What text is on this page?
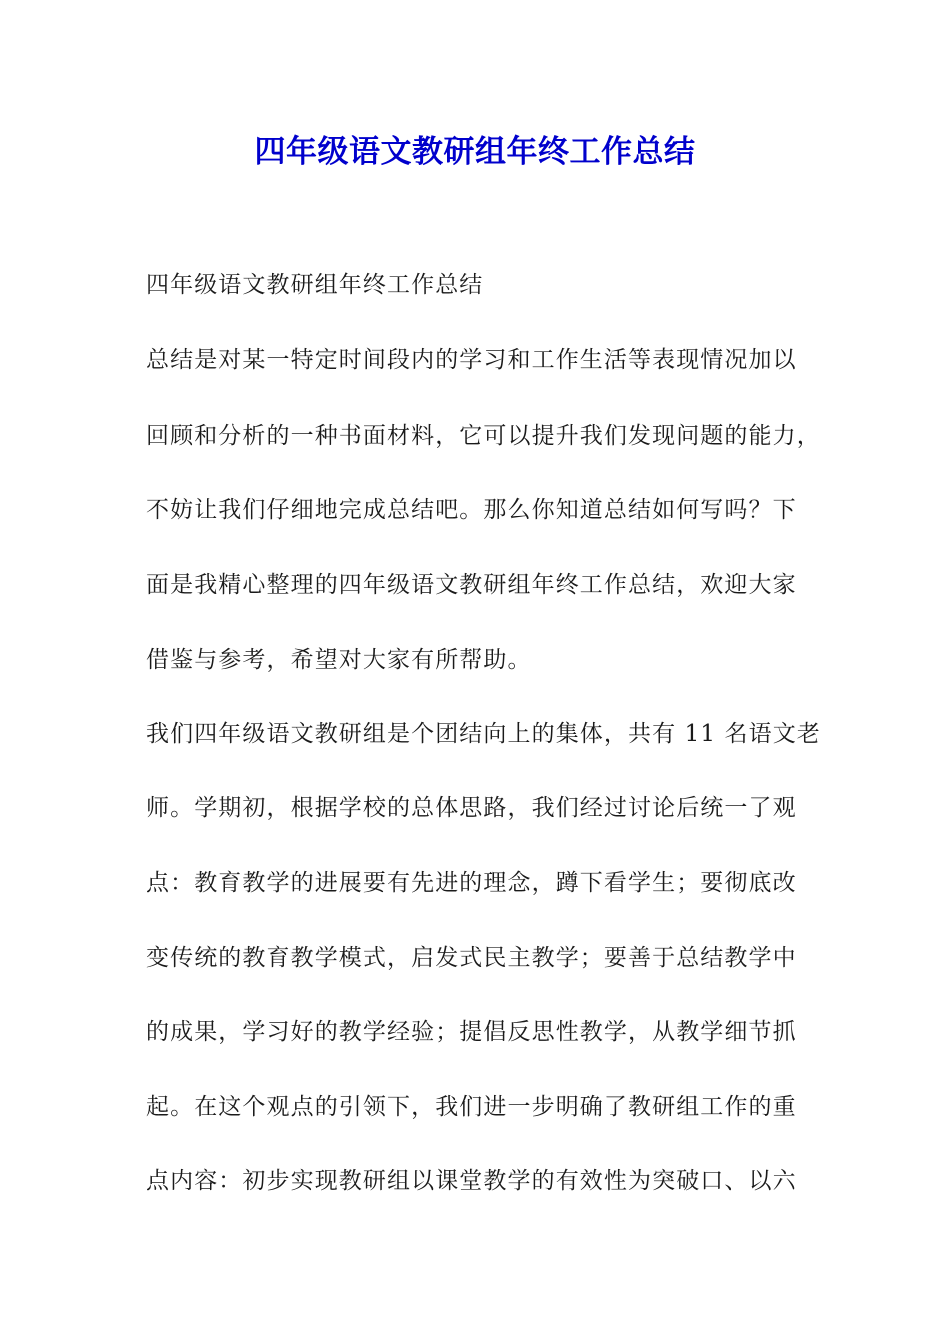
四年级语文教研组年终工作总结
四年级语文教研组年终工作总结
总结是对某一特定时间段内的学习和工作生活等表现情况加以
回顾和分析的一种书面材料，它可以提升我们发现问题的能力，
不妨让我们仔细地完成总结吧。那么你知道总结如何写吗？下
面是我精心整理的四年级语文教研组年终工作总结，欢迎大家
借鉴与参考，希望对大家有所帮助。
我们四年级语文教研组是个团结向上的集体，共有 11 名语文老
师。学期初，根据学校的总体思路，我们经过讨论后统一了观
点：教育教学的进展要有先进的理念，蹲下看学生；要彻底改
变传统的教育教学模式，启发式民主教学；要善于总结教学中
的成果，学习好的教学经验；提倡反思性教学，从教学细节抓
起。在这个观点的引领下，我们进一步明确了教研组工作的重
点内容：初步实现教研组以课堂教学的有效性为突破口、以六
